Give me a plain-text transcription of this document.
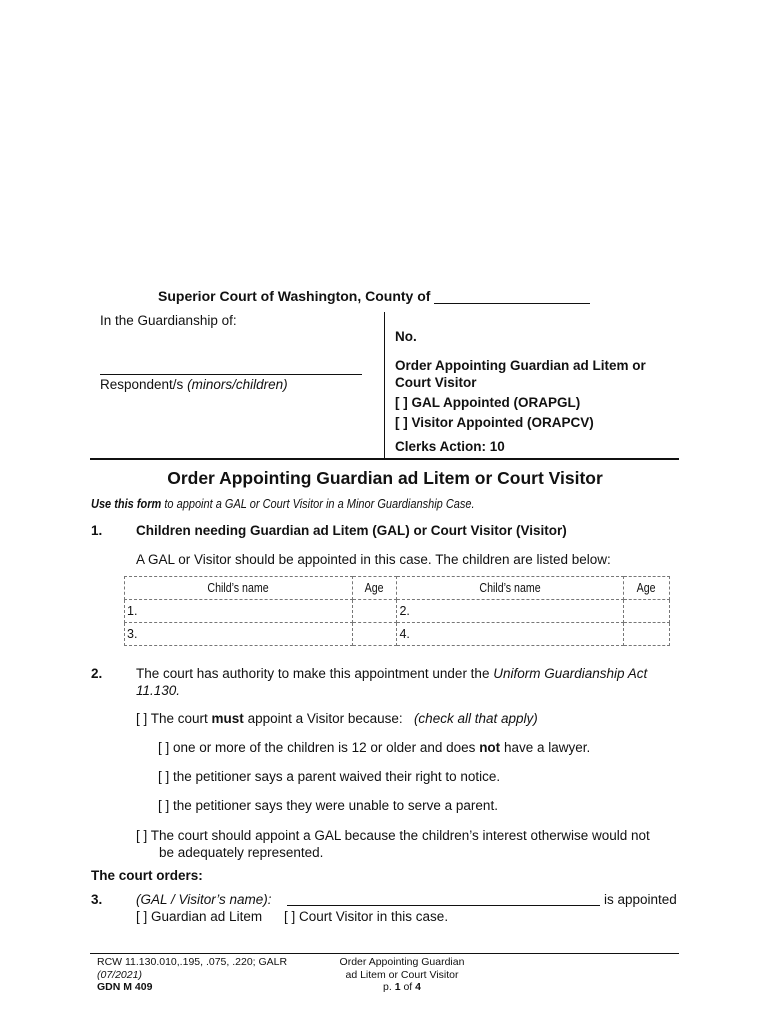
Superior Court of Washington, County of
In the Guardianship of:
Respondent/s (minors/children)
No.
Order Appointing Guardian ad Litem or
Court Visitor
[ ] GAL Appointed (ORAPGL)
[ ] Visitor Appointed (ORAPCV)
Clerks Action: 10
Order Appointing Guardian ad Litem or Court Visitor
Use this form to appoint a GAL or Court Visitor in a Minor Guardianship Case.
1. Children needing Guardian ad Litem (GAL) or Court Visitor (Visitor)
A GAL or Visitor should be appointed in this case. The children are listed below:
Child’s name	Age	Child’s name	Age
1.		2.	
3.		4.	
2. The court has authority to make this appointment under the Uniform Guardianship Act
11.130.
[ ] The court must appoint a Visitor because: (check all that apply)
[ ] one or more of the children is 12 or older and does not have a lawyer.
[ ] the petitioner says a parent waived their right to notice.
[ ] the petitioner says they were unable to serve a parent.
[ ] The court should appoint a GAL because the children’s interest otherwise would not
be adequately represented.
The court orders:
3. (GAL / Visitor’s name):	is appointed
[ ] Guardian ad Litem [ ] Court Visitor in this case.
RCW 11.130.010,.195, .075, .220; GALR
(07/2021)
GDN M 409
Order Appointing Guardian
ad Litem or Court Visitor
p. 1 of 4
